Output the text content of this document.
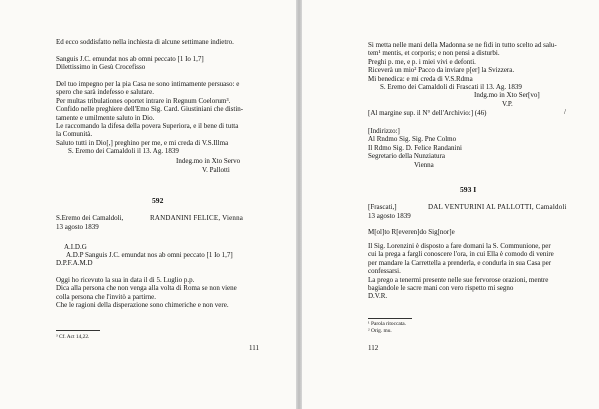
Ed ecco soddisfatto nella inchiesta di alcune settimane indietro.

Sanguis J.C. emundat nos ab omni peccato [1 Io 1,7]
Dilettissimo in Gesù Crocefisso

Del tuo impegno per la pia Casa ne sono intimamente persuaso: e
spero che sarà indefesso e salutare.
Per multas tribulationes oportet intrare in Regnum Coelorum³.
Confido nelle preghiere dell'Emo Sig. Card. Giustiniani che distin-
tamente e umilmente saluto in Dio.
Le raccomando la difesa della povera Superiora, e il bene di tutta
la Comunità.
Saluto tutti in Dio[,] preghino per me, e mi creda di V.S.Illma
S. Eremo dei Camaldoli il 13. Ag. 1839
Indeg.mo in Xto Servo
V. Pallotti
592
S.Eremo dei Camaldoli,
13 agosto 1839
RANDANINI FELICE, Vienna
A.I.D.G
A.D.P Sanguis J.C. emundat nos ab omni peccato [1 Io 1,7]
D.P.F.A.M.D
Oggi ho ricevuto la sua in data il di 5. Luglio p.p.
Dica alla persona che non venga alla volta di Roma se non viene
colla persona che l'invitò a partirne.
Che le ragioni della disperazione sono chimeriche e non vere.
³ Cf. Act 14,22.
111
Si metta nelle mani della Madonna se ne fidi in tutto scelto ad salu-
tem¹ mentis, et corporis; e non pensi a disturbi.
Preghi p. me, e p. i miei vivi e defonti.
Riceverà un mio² Pacco da inviare p[er] la Svizzera.
Mi benedica: e mi creda di V.S.Rdma
S. Eremo dei Camaldoli di Frascati il 13. Ag. 1839
Indg.mo in Xto Ser[vo]
V.P.
[Al margine sup. il N° dell'Archivio:] (46)	/
[Indirizzo:]
Al Rndmo Sig. Sig. Pne Colmo
Il Rdmo Sig. D. Felice Randanini
Segretario della Nunziatura
Vienna
593 I
[Frascati,]
13 agosto 1839
DAL VENTURINI AL PALLOTTI, Camaldoli
M[ol]to R[everen]do Sig[nor]e
Il Sig. Lorenzini è disposto a fare domani la S. Communione, per
cui la prega a fargli conoscere l'ora, in cui Ella è comodo di venire
per mandare la Carrettella a prenderla, e condurla in sua Casa per
confessarsi.
La prego a tenermi presente nelle sue fervorose orazioni, mentre
bagiandole le sacre mani con vero rispetto mi segno
D.V.R.
¹ Parola ritoccata.
² Orig. mu.
112
